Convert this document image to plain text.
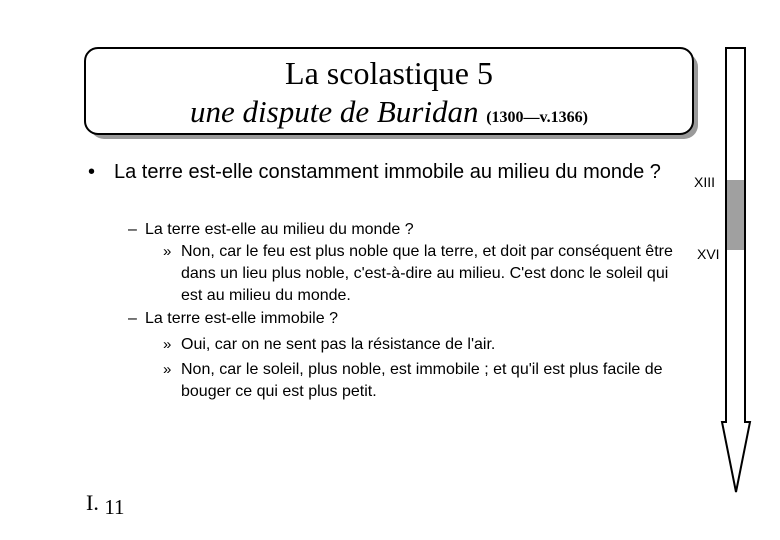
La scolastique 5
une dispute de Buridan (1300—v.1366)
• La terre est-elle constamment immobile au milieu du monde ?
– La terre est-elle au milieu du monde ?
» Non, car le feu est plus noble que la terre, et doit par conséquent être dans un lieu plus noble, c'est-à-dire au milieu. C'est donc le soleil qui est au milieu du monde.
– La terre est-elle immobile ?
» Oui, car on ne sent pas la résistance de l'air.
» Non, car le soleil, plus noble, est immobile ; et qu'il est plus facile de bouger ce qui est plus petit.
XIII
XVI
I. 11
